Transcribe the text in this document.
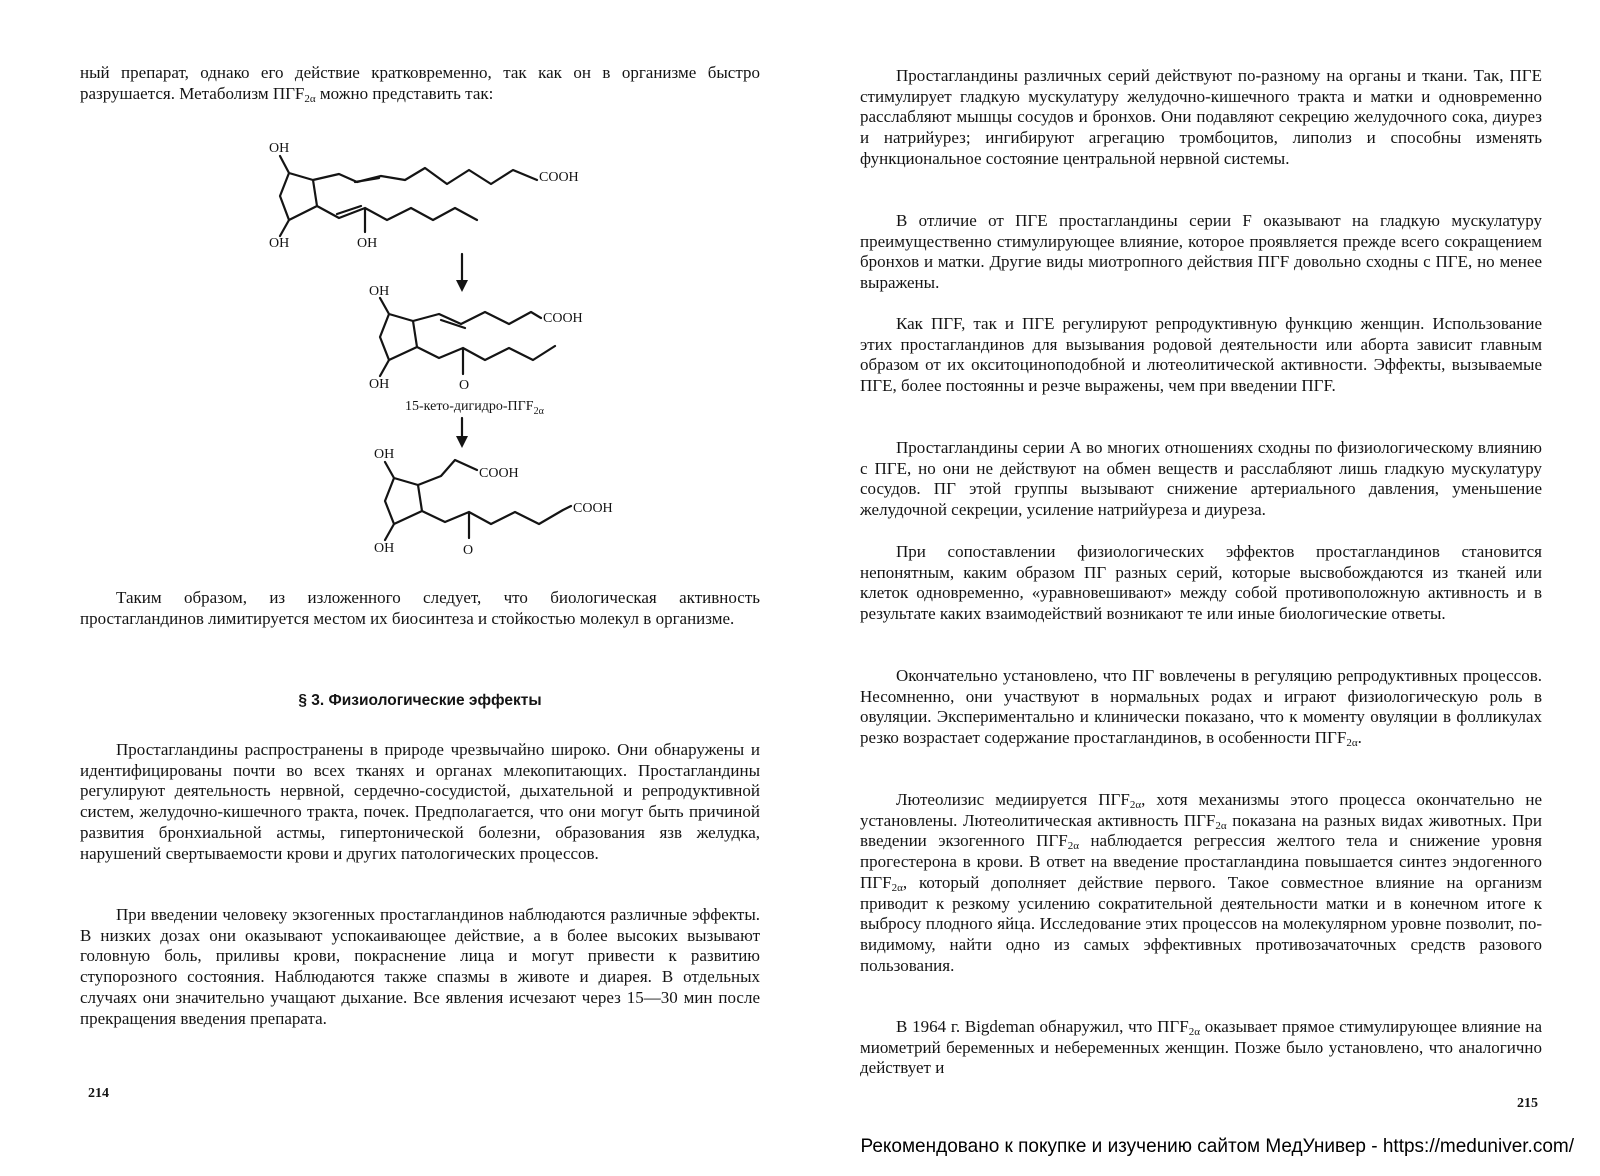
ный препарат, однако его действие кратковременно, так как он в организме быстро разрушается. Метаболизм $ПГF_{2\alpha}$ можно представить так:

OH
OH	OH
COOH
OH
OH
COOH
O
$15-кето-дигидро-ПГF_{2\alpha}$
OH
OH
COOH
COOH
O

Таким образом, из изложенного следует, что биологическая активность простагландинов лимитируется местом их биосинтеза и стойкостью молекул в организме.

§ 3. Физиологические эффекты

Простагландины распространены в природе чрезвычайно широко. Они обнаружены и идентифицированы почти во всех тканях и органах млекопитающих. Простагландины регулируют деятельность нервной, сердечно-сосудистой, дыхательной и репродуктивной систем, желудочно-кишечного тракта, почек. Предполагается, что они могут быть причиной развития бронхиальной астмы, гипертонической болезни, образования язв желудка, нарушений свертываемости крови и других патологических процессов.

При введении человеку экзогенных простагландинов наблюдаются различные эффекты. В низких дозах они оказывают успокаивающее действие, а в более высоких вызывают головную боль, приливы крови, покраснение лица и могут привести к развитию ступорозного состояния. Наблюдаются также спазмы в животе и диарея. В отдельных случаях они значительно учащают дыхание. Все явления исчезают через 15—30 мин после прекращения введения препарата.

214

Простагландины различных серий действуют по-разному на органы и ткани. Так, ПГЕ стимулирует гладкую мускулатуру желудочно-кишечного тракта и матки и одновременно расслабляют мышцы сосудов и бронхов. Они подавляют секрецию желудочного сока, диурез и натрийурез; ингибируют агрегацию тромбоцитов, липолиз и способны изменять функциональное состояние центральной нервной системы.

В отличие от ПГЕ простагландины серии F оказывают на гладкую мускулатуру преимущественно стимулирующее влияние, которое проявляется прежде всего сокращением бронхов и матки. Другие виды миотропного действия ПГF довольно сходны с ПГЕ, но менее выражены.

Как ПГF, так и ПГЕ регулируют репродуктивную функцию женщин. Использование этих простагландинов для вызывания родовой деятельности или аборта зависит главным образом от их окситоциноподобной и лютеолитической активности. Эффекты, вызываемые ПГЕ, более постоянны и резче выражены, чем при введении ПГF.

Простагландины серии А во многих отношениях сходны по физиологическому влиянию с ПГЕ, но они не действуют на обмен веществ и расслабляют лишь гладкую мускулатуру сосудов. ПГ этой группы вызывают снижение артериального давления, уменьшение желудочной секреции, усиление натрийуреза и диуреза.

При сопоставлении физиологических эффектов простагландинов становится непонятным, каким образом ПГ разных серий, которые высвобождаются из тканей или клеток одновременно, «уравновешивают» между собой противоположную активность и в результате каких взаимодействий возникают те или иные биологические ответы.

Окончательно установлено, что ПГ вовлечены в регуляцию репродуктивных процессов. Несомненно, они участвуют в нормальных родах и играют физиологическую роль в овуляции. Экспериментально и клинически показано, что к моменту овуляции в фолликулах резко возрастает содержание простагландинов, в особенности $ПГF_{2\alpha}$.

Лютеолизис медиируется $ПГF_{2\alpha}$, хотя механизмы этого процесса окончательно не установлены. Лютеолитическая активность $ПГF_{2\alpha}$ показана на разных видах животных. При введении экзогенного $ПГF_{2\alpha}$ наблюдается регрессия желтого тела и снижение уровня прогестерона в крови. В ответ на введение простагландина повышается синтез эндогенного $ПГF_{2\alpha}$, который дополняет действие первого. Такое совместное влияние на организм приводит к резкому усилению сократительной деятельности матки и в конечном итоге к выбросу плодного яйца. Исследование этих процессов на молекулярном уровне позволит, по-видимому, найти одно из самых эффективных противозачаточных средств разового пользования.

В 1964 г. Bigdeman обнаружил, что $ПГF_{2\alpha}$ оказывает прямое стимулирующее влияние на миометрий беременных и небеременных женщин. Позже было установлено, что аналогично действует и

215
Рекомендовано к покупке и изучению сайтом МедУнивер - https://meduniver.com/
